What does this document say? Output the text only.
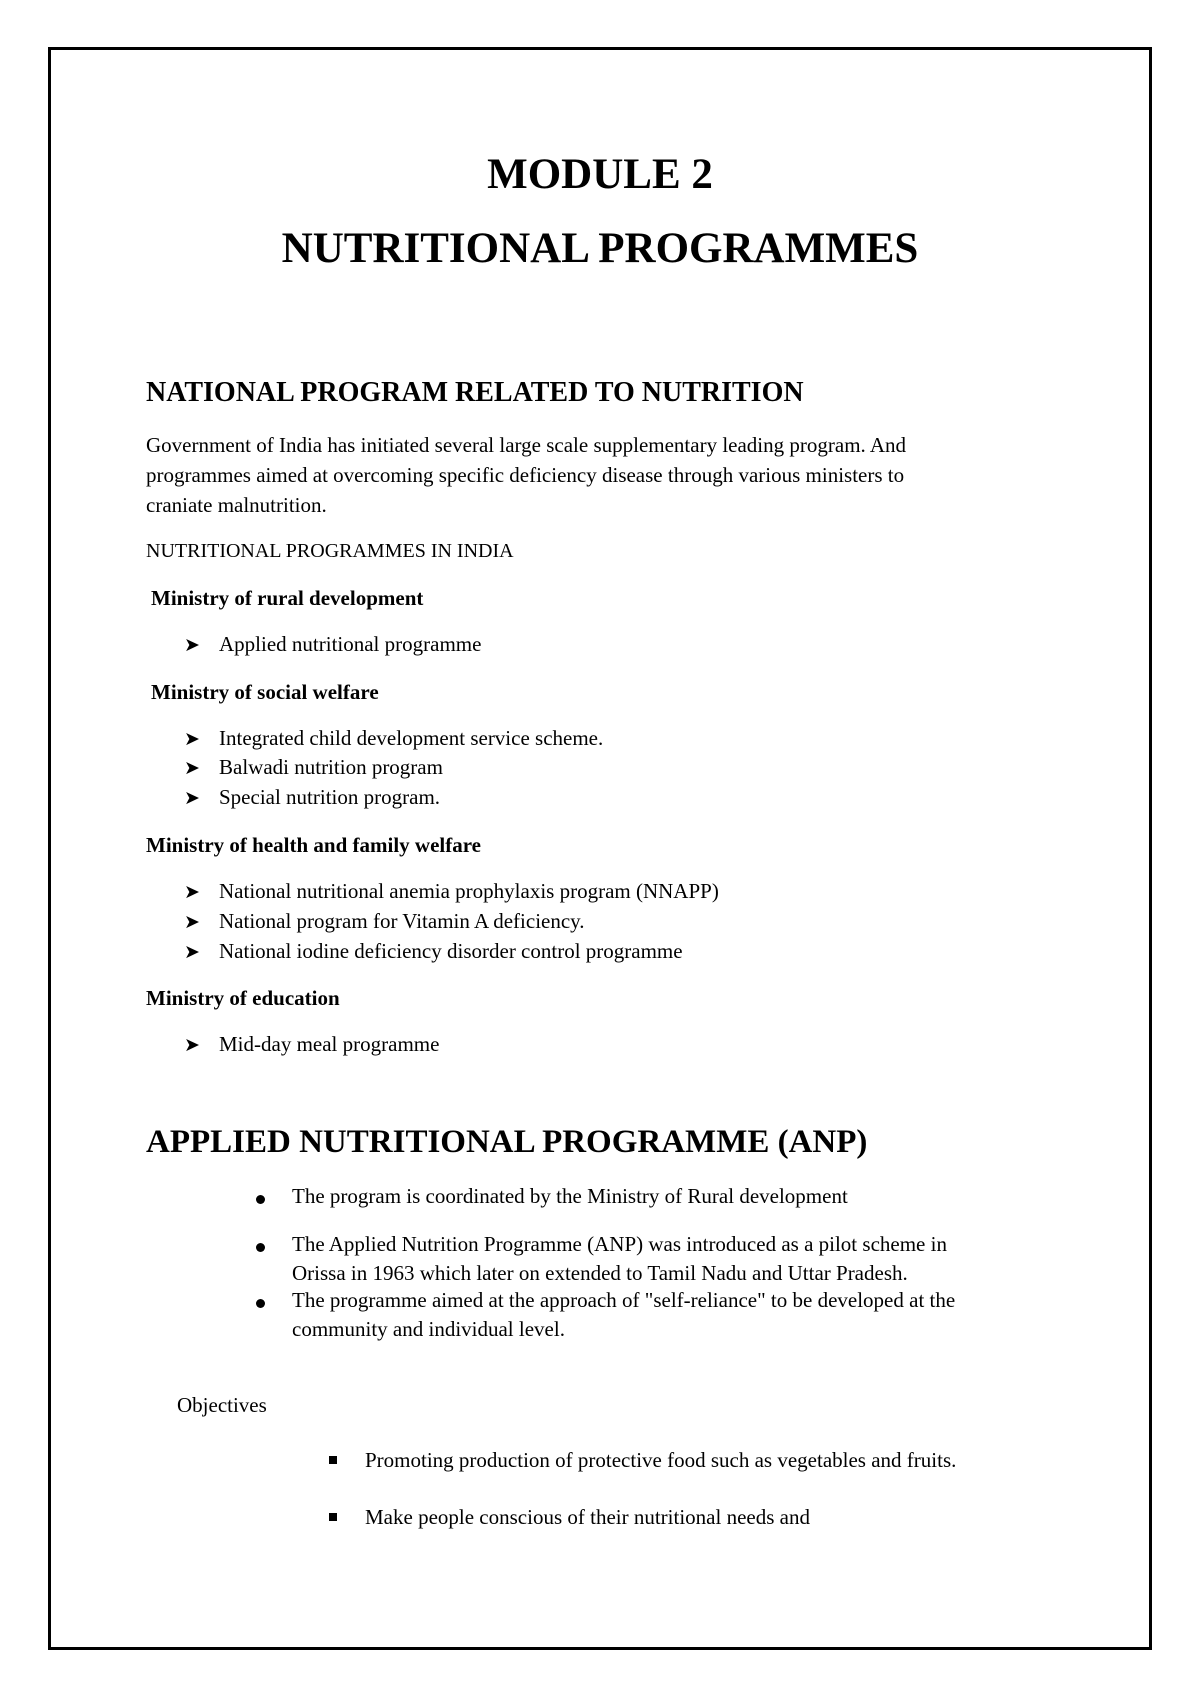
MODULE 2
NUTRITIONAL PROGRAMMES
NATIONAL PROGRAM RELATED TO NUTRITION
Government of India has initiated several large scale supplementary leading program. And
programmes aimed at overcoming specific deficiency disease through various ministers to
craniate malnutrition.
NUTRITIONAL PROGRAMMES IN INDIA
Ministry of rural development
➤
Applied nutritional programme
Ministry of social welfare
➤
Integrated child development service scheme.
➤
Balwadi nutrition program
➤
Special nutrition program.
Ministry of health and family welfare
➤
National nutritional anemia prophylaxis program (NNAPP)
➤
National program for Vitamin A deficiency.
➤
National iodine deficiency disorder control programme
Ministry of education
➤
Mid-day meal programme
APPLIED NUTRITIONAL PROGRAMME (ANP)
The program is coordinated by the Ministry of Rural development
The Applied Nutrition Programme (ANP) was introduced as a pilot scheme in
Orissa in 1963 which later on extended to Tamil Nadu and Uttar Pradesh.
The programme aimed at the approach of "self-reliance" to be developed at the
community and individual level.
Objectives
Promoting production of protective food such as vegetables and fruits.
Make people conscious of their nutritional needs and
